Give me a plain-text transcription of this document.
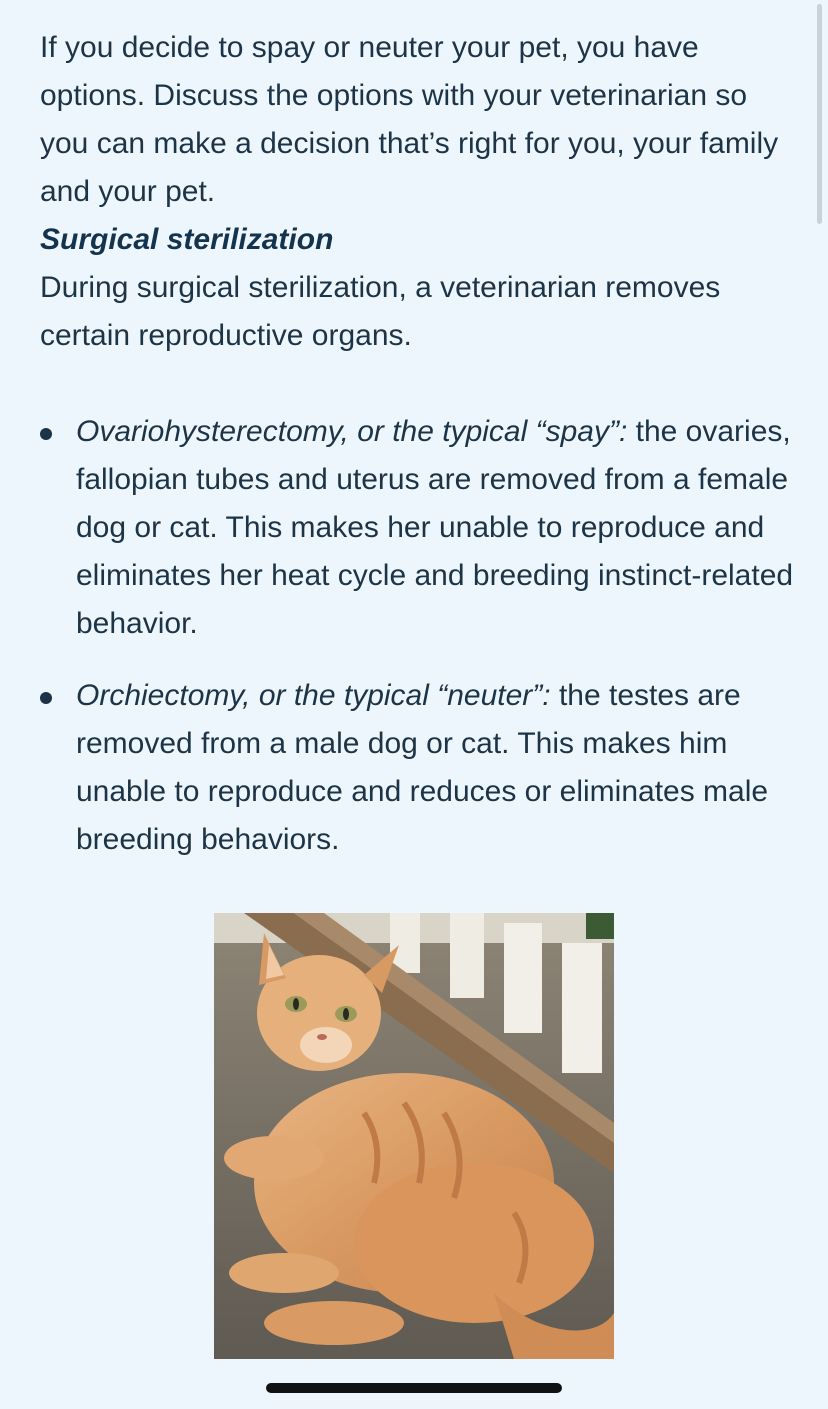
If you decide to spay or neuter your pet, you have options. Discuss the options with your veterinarian so you can make a decision that’s right for you, your family and your pet.

Surgical sterilization

During surgical sterilization, a veterinarian removes certain reproductive organs.

Ovariohysterectomy, or the typical “spay”: the ovaries, fallopian tubes and uterus are removed from a female dog or cat. This makes her unable to reproduce and eliminates her heat cycle and breeding instinct-related behavior.
Orchiectomy, or the typical “neuter”: the testes are removed from a male dog or cat. This makes him unable to reproduce and reduces or eliminates male breeding behaviors.
